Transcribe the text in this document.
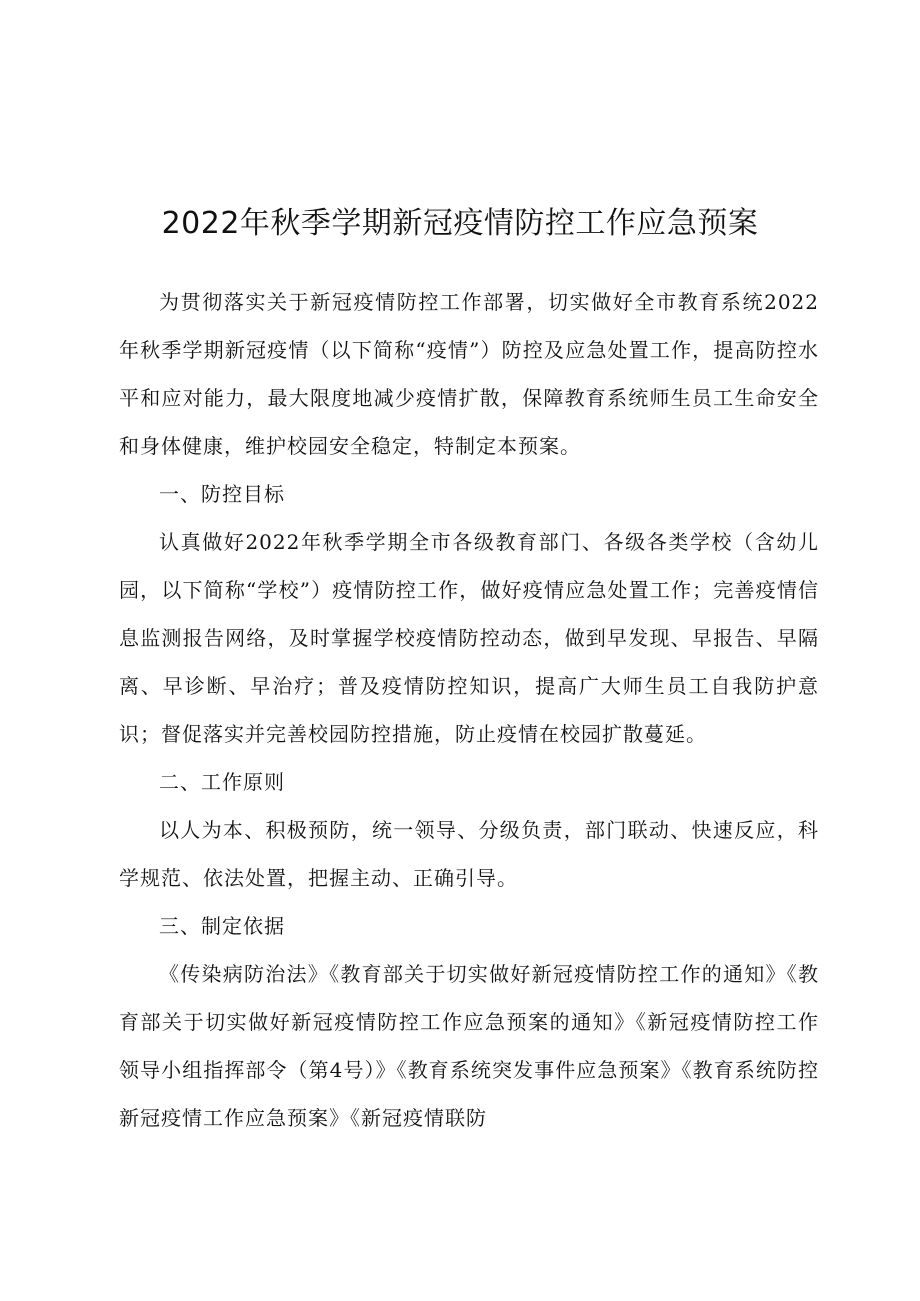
2022年秋季学期新冠疫情防控工作应急预案

为贯彻落实关于新冠疫情防控工作部署，切实做好全市教育系统2022年秋季学期新冠疫情（以下简称“疫情”）防控及应急处置工作，提高防控水平和应对能力，最大限度地减少疫情扩散，保障教育系统师生员工生命安全和身体健康，维护校园安全稳定，特制定本预案。

一、防控目标

认真做好2022年秋季学期全市各级教育部门、各级各类学校（含幼儿园，以下简称“学校”）疫情防控工作，做好疫情应急处置工作；完善疫情信息监测报告网络，及时掌握学校疫情防控动态，做到早发现、早报告、早隔离、早诊断、早治疗；普及疫情防控知识，提高广大师生员工自我防护意识；督促落实并完善校园防控措施，防止疫情在校园扩散蔓延。

二、工作原则

以人为本、积极预防，统一领导、分级负责，部门联动、快速反应，科学规范、依法处置，把握主动、正确引导。

三、制定依据

《传染病防治法》《教育部关于切实做好新冠疫情防控工作的通知》《教育部关于切实做好新冠疫情防控工作应急预案的通知》《新冠疫情防控工作领导小组指挥部令（第4号）》《教育系统突发事件应急预案》《教育系统防控新冠疫情工作应急预案》《新冠疫情联防
